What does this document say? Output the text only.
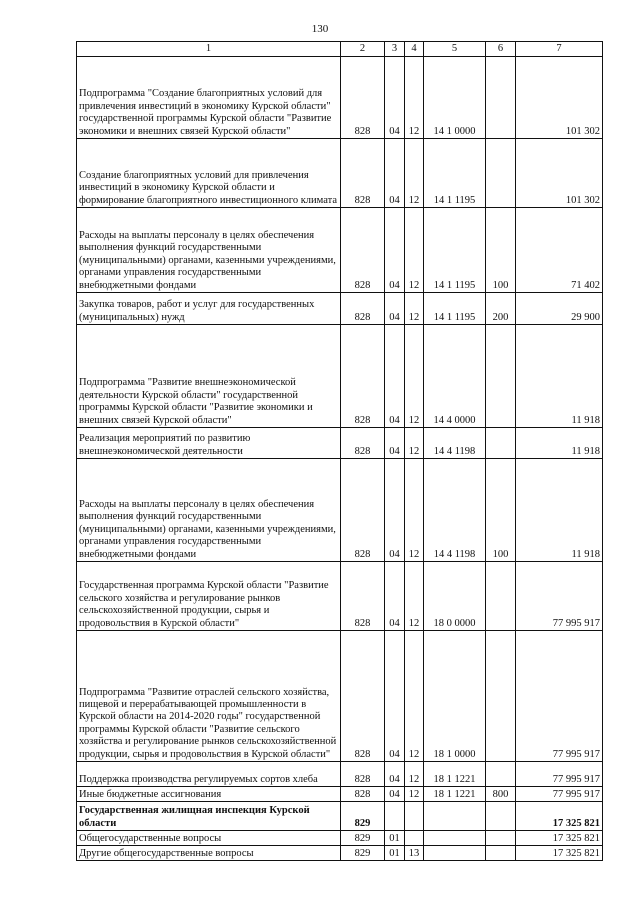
130
1	2	3	4	5	6	7
Подпрограмма "Создание благоприятных условий для привлечения инвестиций в экономику Курской области" государственной программы Курской области "Развитие экономики и внешних связей Курской области"	828	04	12	14 1 0000		101 302
Создание благоприятных условий для привлечения инвестиций в экономику Курской области и формирование благоприятного инвестиционного климата	828	04	12	14 1 1195		101 302
Расходы на выплаты персоналу в целях обеспечения выполнения функций государственными (муниципальными) органами, казенными учреждениями, органами управления государственными внебюджетными фондами	828	04	12	14 1 1195	100	71 402
Закупка товаров, работ и услуг для государственных (муниципальных) нужд	828	04	12	14 1 1195	200	29 900
Подпрограмма "Развитие внешнеэкономической деятельности Курской области" государственной программы Курской области "Развитие экономики и внешних связей Курской области"	828	04	12	14 4 0000		11 918
Реализация мероприятий по развитию внешнеэкономической деятельности	828	04	12	14 4 1198		11 918
Расходы на выплаты персоналу в целях обеспечения выполнения функций государственными (муниципальными) органами, казенными учреждениями, органами управления государственными внебюджетными фондами	828	04	12	14 4 1198	100	11 918
Государственная программа Курской области "Развитие сельского хозяйства и регулирование рынков сельскохозяйственной продукции, сырья и продовольствия в Курской области"	828	04	12	18 0 0000		77 995 917
Подпрограмма "Развитие отраслей сельского хозяйства, пищевой и перерабатывающей промышленности в Курской области на 2014-2020 годы" государственной программы Курской области "Развитие сельского хозяйства и регулирование рынков сельскохозяйственной продукции, сырья и продовольствия в Курской области"	828	04	12	18 1 0000		77 995 917
Поддержка производства регулируемых сортов хлеба	828	04	12	18 1 1221		77 995 917
Иные бюджетные ассигнования	828	04	12	18 1 1221	800	77 995 917
Государственная жилищная инспекция Курской области	829					17 325 821
Общегосударственные вопросы	829	01				17 325 821
Другие общегосударственные вопросы	829	01	13			17 325 821
